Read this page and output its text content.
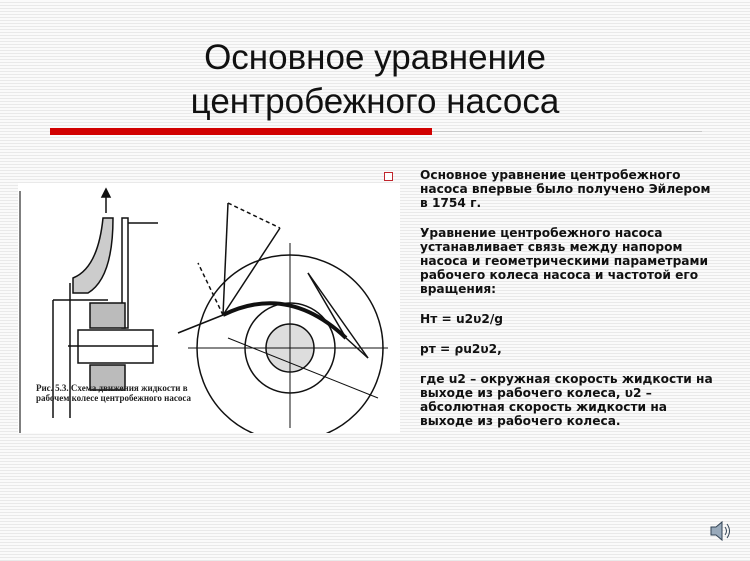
Основное уравнение
центробежного насоса
Рис. 5.3. Схема движения жидкости в рабочем колесе центробежного насоса

Основное уравнение центробежного насоса впервые было получено Эйлером в 1754 г.

Уравнение центробежного насоса устанавливает связь между напором насоса и геометрическими параметрами рабочего колеса насоса и частотой его вращения:

Нт = u2υ2/g

pт = ρu2υ2,

где u2 – окружная скорость жидкости на выходе из рабочего колеса, υ2 – абсолютная скорость жидкости на выходе из рабочего колеса.
